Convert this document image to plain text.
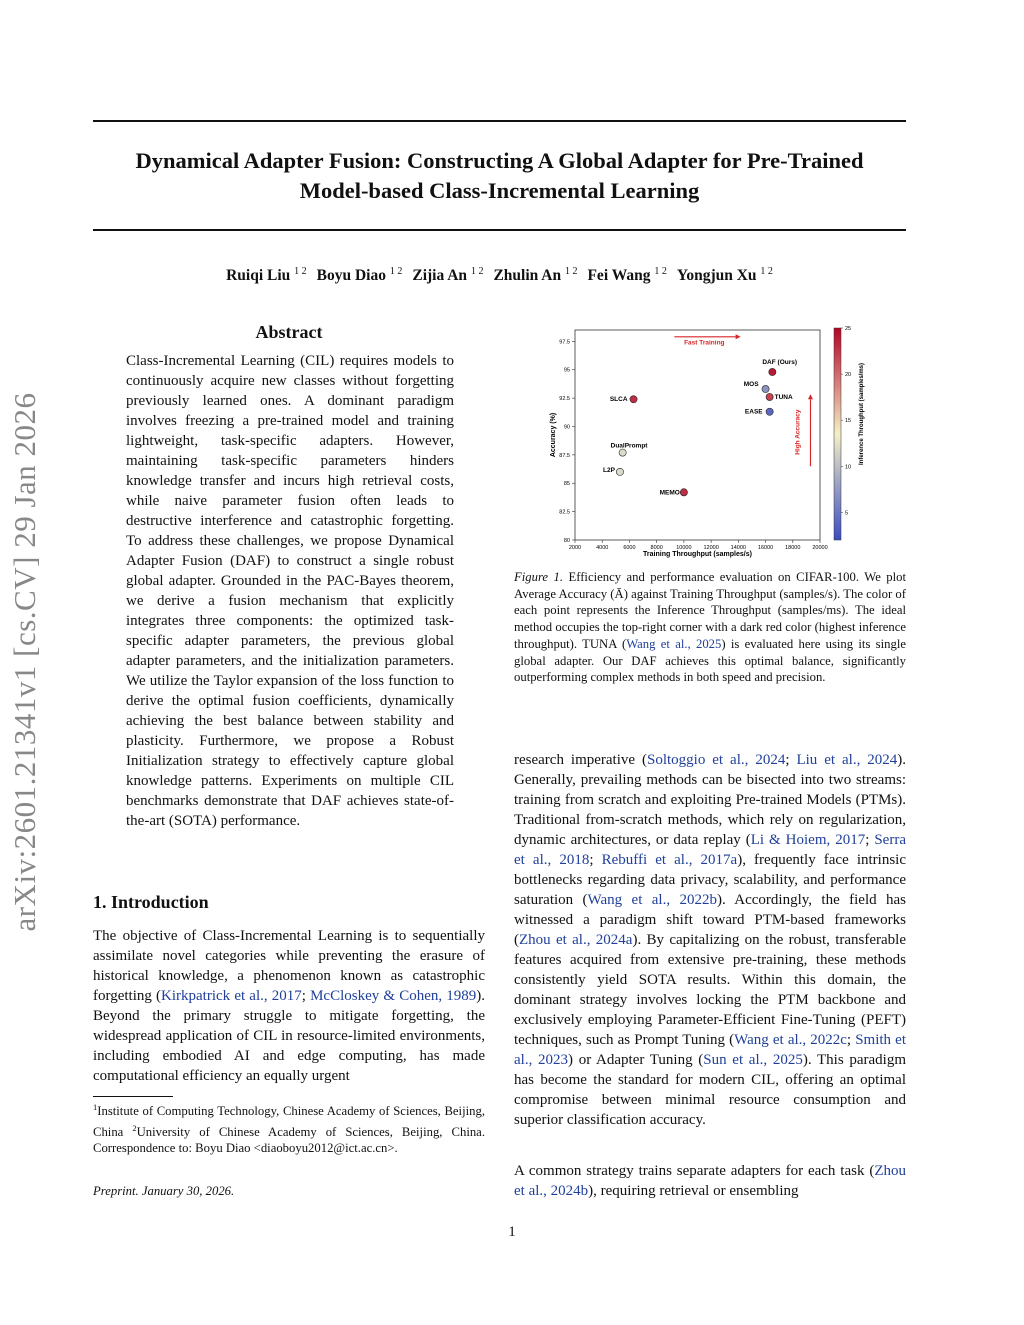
Dynamical Adapter Fusion: Constructing A Global Adapter for Pre-Trained
Model-based Class-Incremental Learning
Ruiqi Liu $^{1 2}$ Boyu Diao $^{1 2}$ Zijia An $^{1 2}$ Zhulin An $^{1 2}$ Fei Wang $^{1 2}$ Yongjun Xu $^{1 2}$
arXiv:2601.21341v1 [cs.CV] 29 Jan 2026
Abstract
Class-Incremental Learning (CIL) requires models to continuously acquire new classes without forgetting previously learned ones. A dominant paradigm involves freezing a pre-trained model and training lightweight, task-specific adapters. However, maintaining task-specific parameters hinders knowledge transfer and incurs high retrieval costs, while naive parameter fusion often leads to destructive interference and catastrophic forgetting. To address these challenges, we propose Dynamical Adapter Fusion (DAF) to construct a single robust global adapter. Grounded in the PAC-Bayes theorem, we derive a fusion mechanism that explicitly integrates three components: the optimized task-specific adapter parameters, the previous global adapter parameters, and the initialization parameters. We utilize the Taylor expansion of the loss function to derive the optimal fusion coefficients, dynamically achieving the best balance between stability and plasticity. Furthermore, we propose a Robust Initialization strategy to effectively capture global knowledge patterns. Experiments on multiple CIL benchmarks demonstrate that DAF achieves state-of-the-art (SOTA) performance.
1. Introduction
The objective of Class-Incremental Learning is to sequentially assimilate novel categories while preventing the erasure of historical knowledge, a phenomenon known as catastrophic forgetting (Kirkpatrick et al., 2017; McCloskey & Cohen, 1989). Beyond the primary struggle to mitigate forgetting, the widespread application of CIL in resource-limited environments, including embodied AI and edge computing, has made computational efficiency an equally urgent
$^1$Institute of Computing Technology, Chinese Academy of Sciences, Beijing, China $^2$University of Chinese Academy of Sciences, Beijing, China. Correspondence to: Boyu Diao <diaoboyu2012@ict.ac.cn>.
Preprint. January 30, 2026.
1
80
82.5
85
87.5
90
92.5
95
97.5
2000	4000	6000	8000 10000 12000 14000 16000 18000 20000
Training Throughput (samples/s)
Accuracy (%)
Fast Training
High Accuracy
DAF (Ours)
MOS
TUNA
EASE
SLCA
DualPrompt
L2P
MEMO
5
10
15
20
25
Inference Throughput (samples/ms)
Figure 1. Efficiency and performance evaluation on CIFAR-100. We plot Average Accuracy (Ā) against Training Throughput (samples/s). The color of each point represents the Inference Throughput (samples/ms). The ideal method occupies the top-right corner with a dark red color (highest inference throughput). TUNA (Wang et al., 2025) is evaluated here using its single global adapter. Our DAF achieves this optimal balance, significantly outperforming complex methods in both speed and precision.
research imperative (Soltoggio et al., 2024; Liu et al., 2024). Generally, prevailing methods can be bisected into two streams: training from scratch and exploiting Pre-trained Models (PTMs). Traditional from-scratch methods, which rely on regularization, dynamic architectures, or data replay (Li & Hoiem, 2017; Serra et al., 2018; Rebuffi et al., 2017a), frequently face intrinsic bottlenecks regarding data privacy, scalability, and performance saturation (Wang et al., 2022b). Accordingly, the field has witnessed a paradigm shift toward PTM-based frameworks (Zhou et al., 2024a). By capitalizing on the robust, transferable features acquired from extensive pre-training, these methods consistently yield SOTA results. Within this domain, the dominant strategy involves locking the PTM backbone and exclusively employing Parameter-Efficient Fine-Tuning (PEFT) techniques, such as Prompt Tuning (Wang et al., 2022c; Smith et al., 2023) or Adapter Tuning (Sun et al., 2025). This paradigm has become the standard for modern CIL, offering an optimal compromise between minimal resource consumption and superior classification accuracy.
A common strategy trains separate adapters for each task (Zhou et al., 2024b), requiring retrieval or ensembling
